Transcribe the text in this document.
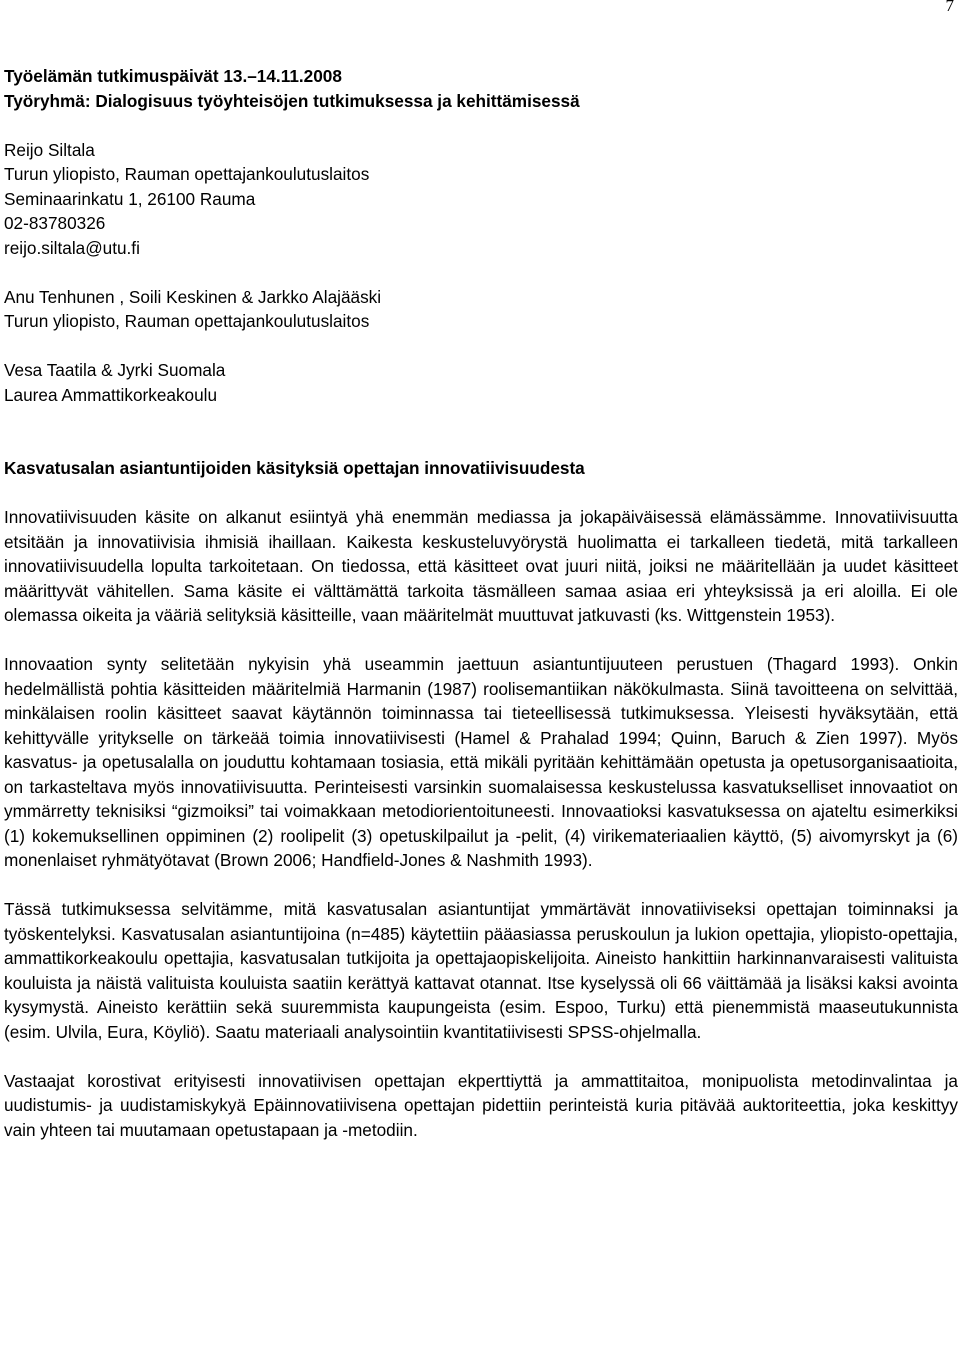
7

Työelämän tutkimuspäivät 13.–14.11.2008

Työryhmä: Dialogisuus työyhteisöjen tutkimuksessa ja kehittämisessä

Reijo Siltala

Turun yliopisto, Rauman opettajankoulutuslaitos

Seminaarinkatu 1, 26100 Rauma

02-83780326

reijo.siltala@utu.fi

Anu Tenhunen , Soili Keskinen & Jarkko Alajääski

Turun yliopisto, Rauman opettajankoulutuslaitos

Vesa Taatila & Jyrki Suomala

Laurea Ammattikorkeakoulu

Kasvatusalan asiantuntijoiden käsityksiä opettajan innovatiivisuudesta

Innovatiivisuuden käsite on alkanut esiintyä yhä enemmän mediassa ja jokapäiväisessä elämässämme. Innovatiivisuutta etsitään ja innovatiivisia ihmisiä ihaillaan. Kaikesta keskusteluvyörystä huolimatta ei tarkalleen tiedetä, mitä tarkalleen innovatiivisuudella lopulta tarkoitetaan. On tiedossa, että käsitteet ovat juuri niitä, joiksi ne määritellään ja uudet käsitteet määrittyvät vähitellen. Sama käsite ei välttämättä tarkoita täsmälleen samaa asiaa eri yhteyksissä ja eri aloilla. Ei ole olemassa oikeita ja vääriä selityksiä käsitteille, vaan määritelmät muuttuvat jatkuvasti (ks. Wittgenstein 1953).

Innovaation synty selitetään nykyisin yhä useammin jaettuun asiantuntijuuteen perustuen (Thagard 1993). Onkin hedelmällistä pohtia käsitteiden määritelmiä Harmanin (1987) roolisemantiikan näkökulmasta. Siinä tavoitteena on selvittää, minkälaisen roolin käsitteet saavat käytännön toiminnassa tai tieteellisessä tutkimuksessa. Yleisesti hyväksytään, että kehittyvälle yritykselle on tärkeää toimia innovatiivisesti (Hamel & Prahalad 1994; Quinn, Baruch & Zien 1997). Myös kasvatus- ja opetusalalla on jouduttu kohtamaan tosiasia, että mikäli pyritään kehittämään opetusta ja opetusorganisaatioita, on tarkasteltava myös innovatiivisuutta. Perinteisesti varsinkin suomalaisessa keskustelussa kasvatukselliset innovaatiot on ymmärretty teknisiksi “gizmoiksi” tai voimakkaan metodiorientoituneesti. Innovaatioksi kasvatuksessa on ajateltu esimerkiksi (1) kokemuksellinen oppiminen (2) roolipelit (3) opetuskilpailut ja -pelit, (4) virikemateriaalien käyttö, (5) aivomyrskyt ja (6) monenlaiset ryhmätyötavat (Brown 2006; Handfield-Jones & Nashmith 1993).

Tässä tutkimuksessa selvitämme, mitä kasvatusalan asiantuntijat ymmärtävät innovatiiviseksi opettajan toiminnaksi ja työskentelyksi. Kasvatusalan asiantuntijoina (n=485) käytettiin pääasiassa peruskoulun ja lukion opettajia, yliopisto-opettajia, ammattikorkeakoulu opettajia, kasvatusalan tutkijoita ja opettajaopiskelijoita. Aineisto hankittiin harkinnanvaraisesti valituista kouluista ja näistä valituista kouluista saatiin kerättyä kattavat otannat. Itse kyselyssä oli 66 väittämää ja lisäksi kaksi avointa kysymystä. Aineisto kerättiin sekä suuremmista kaupungeista (esim. Espoo, Turku) että pienemmistä maaseutukunnista (esim. Ulvila, Eura, Köyliö). Saatu materiaali analysointiin kvantitatiivisesti SPSS-ohjelmalla.

Vastaajat korostivat erityisesti innovatiivisen opettajan ekperttiyttä ja ammattitaitoa, monipuolista metodinvalintaa ja uudistumis- ja uudistamiskykyä Epäinnovatiivisena opettajan pidettiin perinteistä kuria pitävää auktoriteettia, joka keskittyy vain yhteen tai muutamaan opetustapaan ja -metodiin.
